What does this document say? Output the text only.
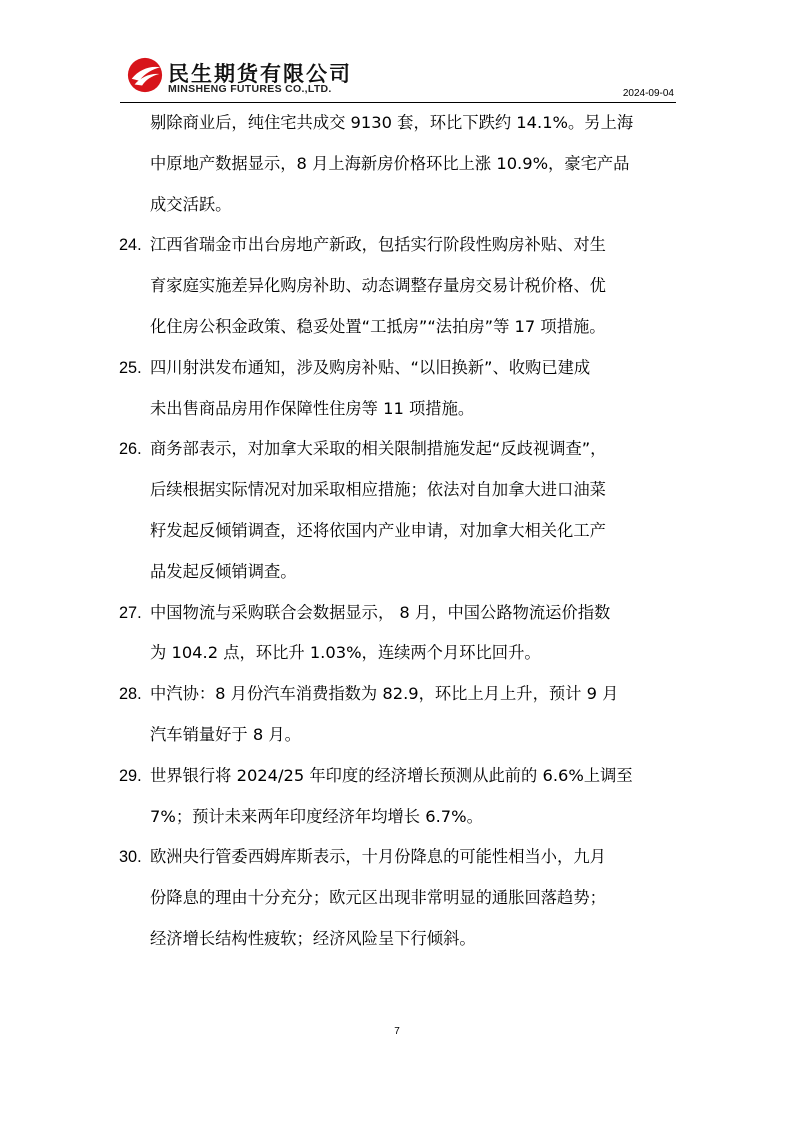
民生期货有限公司
MINSHENG FUTURES CO.,LTD.	2024-09-04
剔除商业后，纯住宅共成交 9130 套，环比下跌约 14.1%。另上海
中原地产数据显示，8 月上海新房价格环比上涨 10.9%，豪宅产品
成交活跃。
24. 江西省瑞金市出台房地产新政，包括实行阶段性购房补贴、对生
育家庭实施差异化购房补助、动态调整存量房交易计税价格、优
化住房公积金政策、稳妥处置“工抵房”“法拍房”等 17 项措施。
25. 四川射洪发布通知，涉及购房补贴、“以旧换新”、收购已建成
未出售商品房用作保障性住房等 11 项措施。
26. 商务部表示，对加拿大采取的相关限制措施发起“反歧视调查”，
后续根据实际情况对加采取相应措施；依法对自加拿大进口油菜
籽发起反倾销调查，还将依国内产业申请，对加拿大相关化工产
品发起反倾销调查。
27. 中国物流与采购联合会数据显示， 8 月，中国公路物流运价指数
为 104.2 点，环比升 1.03%，连续两个月环比回升。
28. 中汽协：8 月份汽车消费指数为 82.9，环比上月上升，预计 9 月
汽车销量好于 8 月。
29. 世界银行将 2024/25 年印度的经济增长预测从此前的 6.6%上调至
7%；预计未来两年印度经济年均增长 6.7%。
30. 欧洲央行管委西姆库斯表示，十月份降息的可能性相当小，九月
份降息的理由十分充分；欧元区出现非常明显的通胀回落趋势；
经济增长结构性疲软；经济风险呈下行倾斜。
7
